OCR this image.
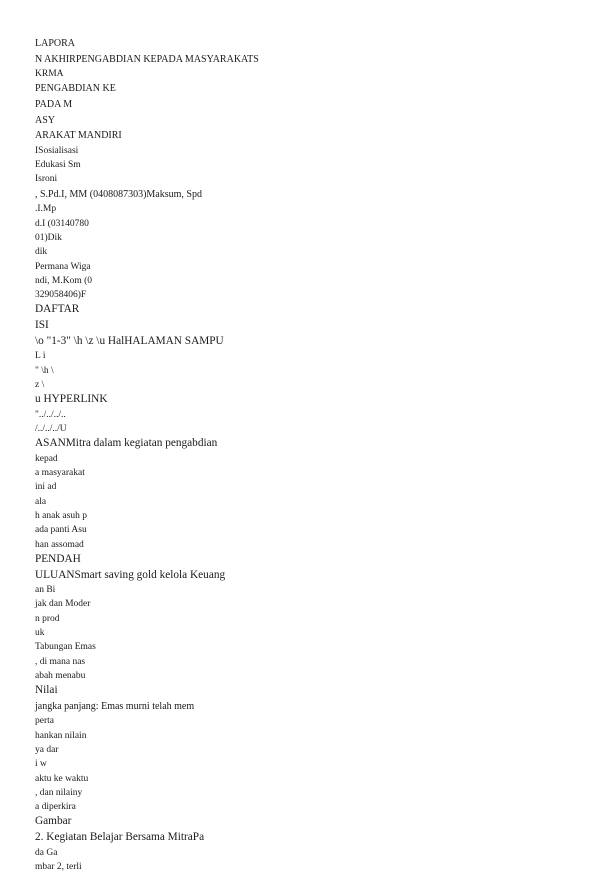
LAPORA
N AKHIRPENGABDIAN KEPADA MASYARAKATS
KRMA
PENGABDIAN KE
PADA M
ASY
ARAKAT MANDIRI
ISosialisasi
Edukasi Sm
Isroni
, S.Pd.I, MM (0408087303)Maksum, Spd
.I.Mp
d.I (03140780
01)Dik
dik
Permana Wiga
ndi, M.Kom (0
329058406)F
DAFTAR
ISI
\o "1-3" \h \z \u HalHALAMAN SAMPU
L i
" \h \
z \
u HYPERLINK
"../../../..
/../../../U
ASANMitra dalam kegiatan pengabdian
kepad
a masyarakat
ini ad
ala
h anak asuh p
ada panti Asu
han assomad
PENDAH
ULUANSmart saving gold kelola Keuang
an Bi
jak dan Moder
n prod
uk
Tabungan Emas
, di mana nas
abah menabu
Nilai
jangka panjang: Emas murni telah mem
perta
hankan nilain
ya dar
i w
aktu ke waktu
, dan nilainy
a diperkira
Gambar
2. Kegiatan Belajar Bersama MitraPa
da Ga
mbar 2, terli
